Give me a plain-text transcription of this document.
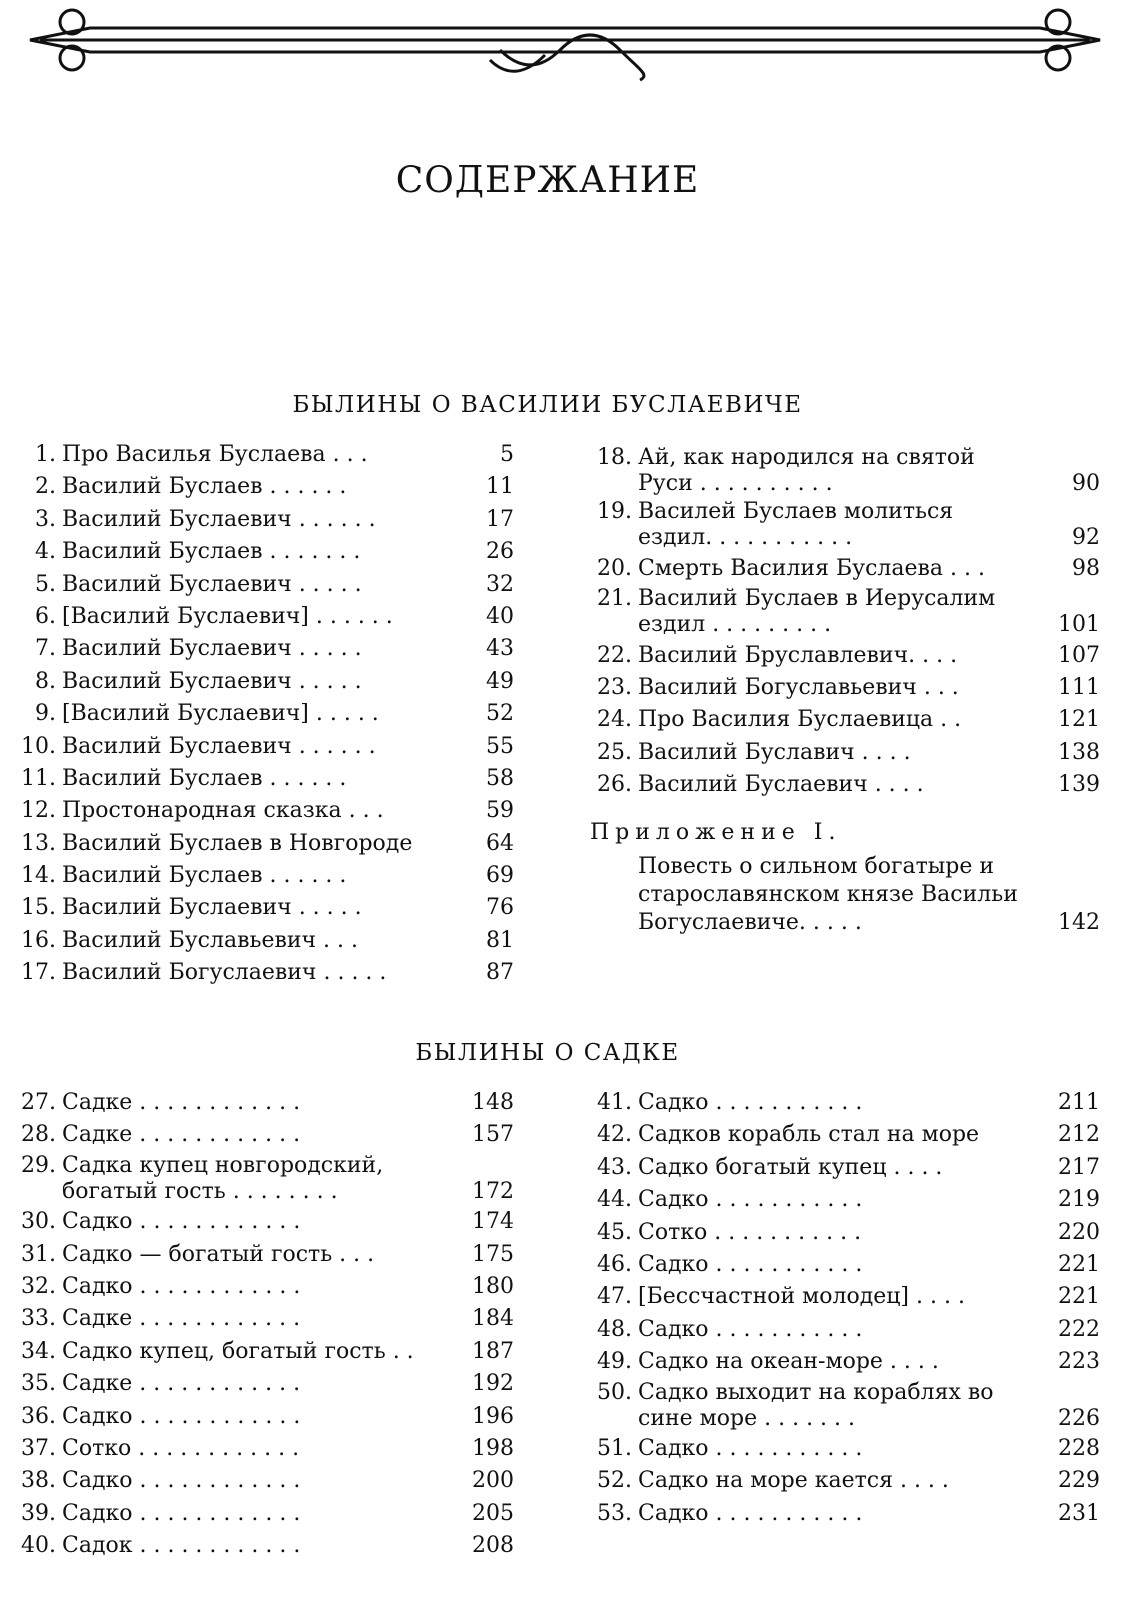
СОДЕРЖАНИЕ
БЫЛИНЫ О ВАСИЛИИ БУСЛАЕВИЧЕ
1. Про Василья Буслаева . . .	5
2. Василий Буслаев . . . . . .	11
3. Василий Буслаевич . . . . . .	17
4. Василий Буслаев . . . . . . .	26
5. Василий Буслаевич . . . . .	32
6. [Василий Буслаевич] . . . . . .	40
7. Василий Буслаевич . . . . .	43
8. Василий Буслаевич . . . . .	49
9. [Василий Буслаевич] . . . . .	52
10. Василий Буслаевич . . . . . .	55
11. Василий Буслаев . . . . . .	58
12. Простонародная сказка . . .	59
13. Василий Буслаев в Новгороде	64
14. Василий Буслаев . . . . . .	69
15. Василий Буслаевич . . . . .	76
16. Василий Буславьевич . . .	81
17. Василий Богуслаевич . . . . .	87
18. Ай, как народился на святой Руси . . . . . . . . . .	90
19. Василей Буслаев молиться ездил. . . . . . . . . . .	92
20. Смерть Василия Буслаева . . .	98
21. Василий Буслаев в Иерусалим ездил . . . . . . . . .	101
22. Василий Бруславлевич. . . .	107
23. Василий Богуславьевич . . .	111
24. Про Василия Буслаевица . .	121
25. Василий Буславич . . . .	138
26. Василий Буслаевич . . . .	139
Приложение I.
Повесть о сильном богатыре и старославянском князе Васильи Богуслаевиче. . . . .	142
БЫЛИНЫ О САДКЕ
27. Садке . . . . . . . . . . . .	148
28. Садке . . . . . . . . . . . .	157
29. Садка купец новгородский, богатый гость . . . . . . . .	172
30. Садко . . . . . . . . . . . .	174
31. Садко — богатый гость . . .	175
32. Садко . . . . . . . . . . . .	180
33. Садке . . . . . . . . . . . .	184
34. Садко купец, богатый гость . .	187
35. Садке . . . . . . . . . . . .	192
36. Садко . . . . . . . . . . . .	196
37. Сотко . . . . . . . . . . . .	198
38. Садко . . . . . . . . . . . .	200
39. Садко . . . . . . . . . . . .	205
40. Садок . . . . . . . . . . . .	208
41. Садко . . . . . . . . . . .	211
42. Садков корабль стал на море	212
43. Садко богатый купец . . . .	217
44. Садко . . . . . . . . . . .	219
45. Сотко . . . . . . . . . . .	220
46. Садко . . . . . . . . . . .	221
47. [Бессчастной молодец] . . . .	221
48. Садко . . . . . . . . . . .	222
49. Садко на океан-море . . . .	223
50. Садко выходит на кораблях во сине море . . . . . . .	226
51. Садко . . . . . . . . . . .	228
52. Садко на море кается . . . .	229
53. Садко . . . . . . . . . . .	231
